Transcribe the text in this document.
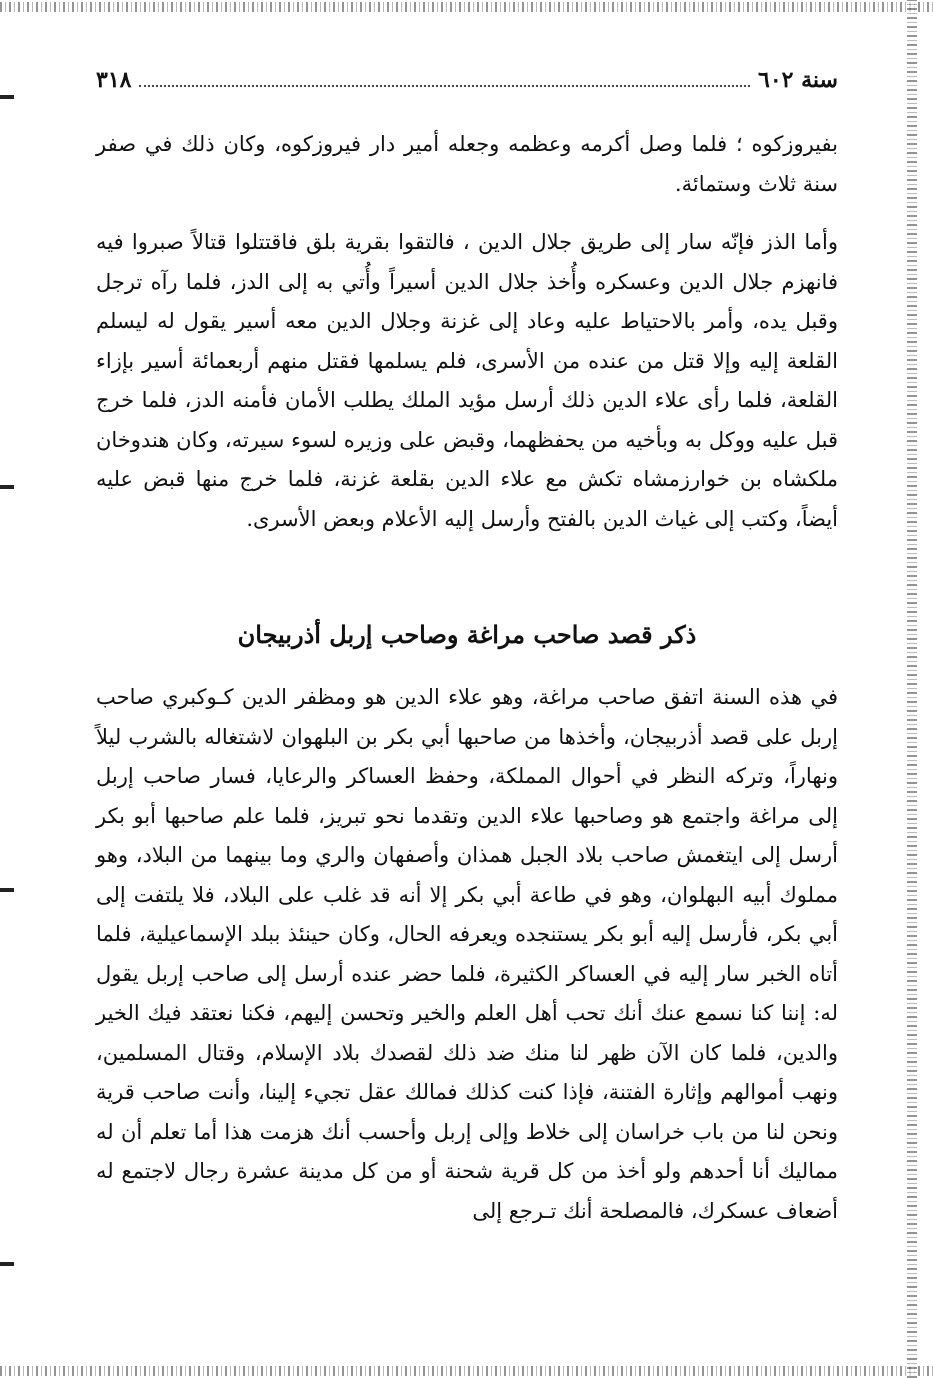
٣١٨	سنة ٦٠٢
بفيروزكوه ؛ فلما وصل أكرمه وعظمه وجعله أمير دار فيروزكوه، وكان ذلك في صفر سنة ثلاث وستمائة.
وأما الذز فإنّه سار إلى طريق جلال الدين ، فالتقوا بقرية بلق فاقتتلوا قتالاً صبروا فيه فانهزم جلال الدين وعسكره وأُخذ جلال الدين أسيراً وأُتي به إلى الدز، فلما رآه ترجل وقبل يده، وأمر بالاحتياط عليه وعاد إلى غزنة وجلال الدين معه أسير يقول له ليسلم القلعة إليه وإلا قتل من عنده من الأسرى، فلم يسلمها فقتل منهم أربعمائة أسير بإزاء القلعة، فلما رأى علاء الدين ذلك أرسل مؤيد الملك يطلب الأمان فأمنه الدز، فلما خرج قبل عليه ووكل به وبأخيه من يحفظهما، وقبض على وزيره لسوء سيرته، وكان هندوخان ملكشاه بن خوارزمشاه تكش مع علاء الدين بقلعة غزنة، فلما خرج منها قبض عليه أيضاً، وكتب إلى غياث الدين بالفتح وأرسل إليه الأعلام وبعض الأسرى.
ذكر قصد صاحب مراغة وصاحب إربل أذربيجان
في هذه السنة اتفق صاحب مراغة، وهو علاء الدين هو ومظفر الدين كـوكبري صاحب إربل على قصد أذربيجان، وأخذها من صاحبها أبي بكر بن البلهوان لاشتغاله بالشرب ليلاً ونهاراً، وتركه النظر في أحوال المملكة، وحفظ العساكر والرعايا، فسار صاحب إربل إلى مراغة واجتمع هو وصاحبها علاء الدين وتقدما نحو تبريز، فلما علم صاحبها أبو بكر أرسل إلى ايتغمش صاحب بلاد الجبل همذان وأصفهان والري وما بينهما من البلاد، وهو مملوك أبيه البهلوان، وهو في طاعة أبي بكر إلا أنه قد غلب على البلاد، فلا يلتفت إلى أبي بكر، فأرسل إليه أبو بكر يستنجده ويعرفه الحال، وكان حينئذ ببلد الإسماعيلية، فلما أتاه الخبر سار إليه في العساكر الكثيرة، فلما حضر عنده أرسل إلى صاحب إربل يقول له: إننا كنا نسمع عنك أنك تحب أهل العلم والخير وتحسن إليهم، فكنا نعتقد فيك الخير والدين، فلما كان الآن ظهر لنا منك ضد ذلك لقصدك بلاد الإسلام، وقتال المسلمين، ونهب أموالهم وإثارة الفتنة، فإذا كنت كذلك فمالك عقل تجيء إلينا، وأنت صاحب قرية ونحن لنا من باب خراسان إلى خلاط وإلى إربل وأحسب أنك هزمت هذا أما تعلم أن له مماليك أنا أحدهم ولو أخذ من كل قرية شحنة أو من كل مدينة عشرة رجال لاجتمع له أضعاف عسكرك، فالمصلحة أنك تـرجع إلى
